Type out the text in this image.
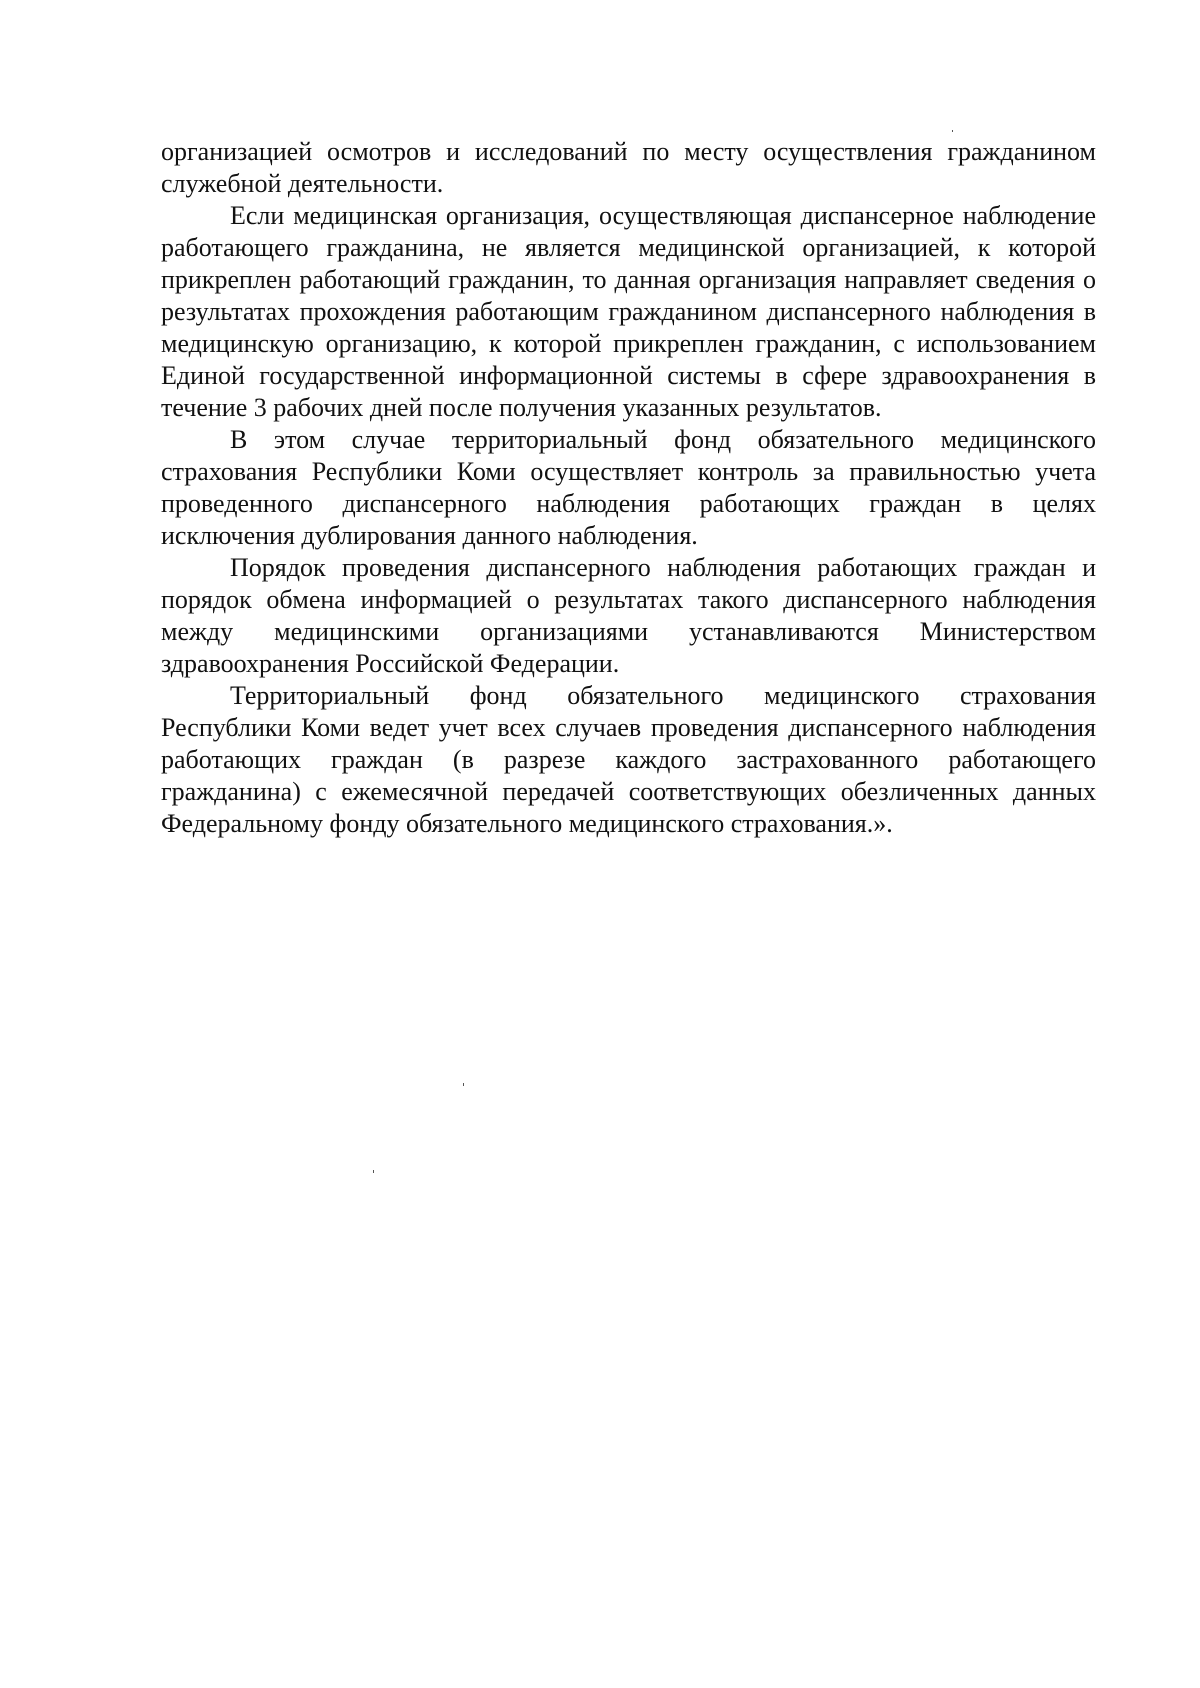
организацией осмотров и исследований по месту осуществления гражданином служебной деятельности.

Если медицинская организация, осуществляющая диспансерное наблюдение работающего гражданина, не является медицинской организацией, к которой прикреплен работающий гражданин, то данная организация направляет сведения о результатах прохождения работающим гражданином диспансерного наблюдения в медицинскую организацию, к которой прикреплен гражданин, с использованием Единой государственной информационной системы в сфере здравоохранения в течение 3 рабочих дней после получения указанных результатов.

В этом случае территориальный фонд обязательного медицинского страхования Республики Коми осуществляет контроль за правильностью учета проведенного диспансерного наблюдения работающих граждан в целях исключения дублирования данного наблюдения.

Порядок проведения диспансерного наблюдения работающих граждан и порядок обмена информацией о результатах такого диспансерного наблюдения между медицинскими организациями устанавливаются Министерством здравоохранения Российской Федерации.

Территориальный фонд обязательного медицинского страхования Республики Коми ведет учет всех случаев проведения диспансерного наблюдения работающих граждан (в разрезе каждого застрахованного работающего гражданина) с ежемесячной передачей соответствующих обезличенных данных Федеральному фонду обязательного медицинского страхования.».
